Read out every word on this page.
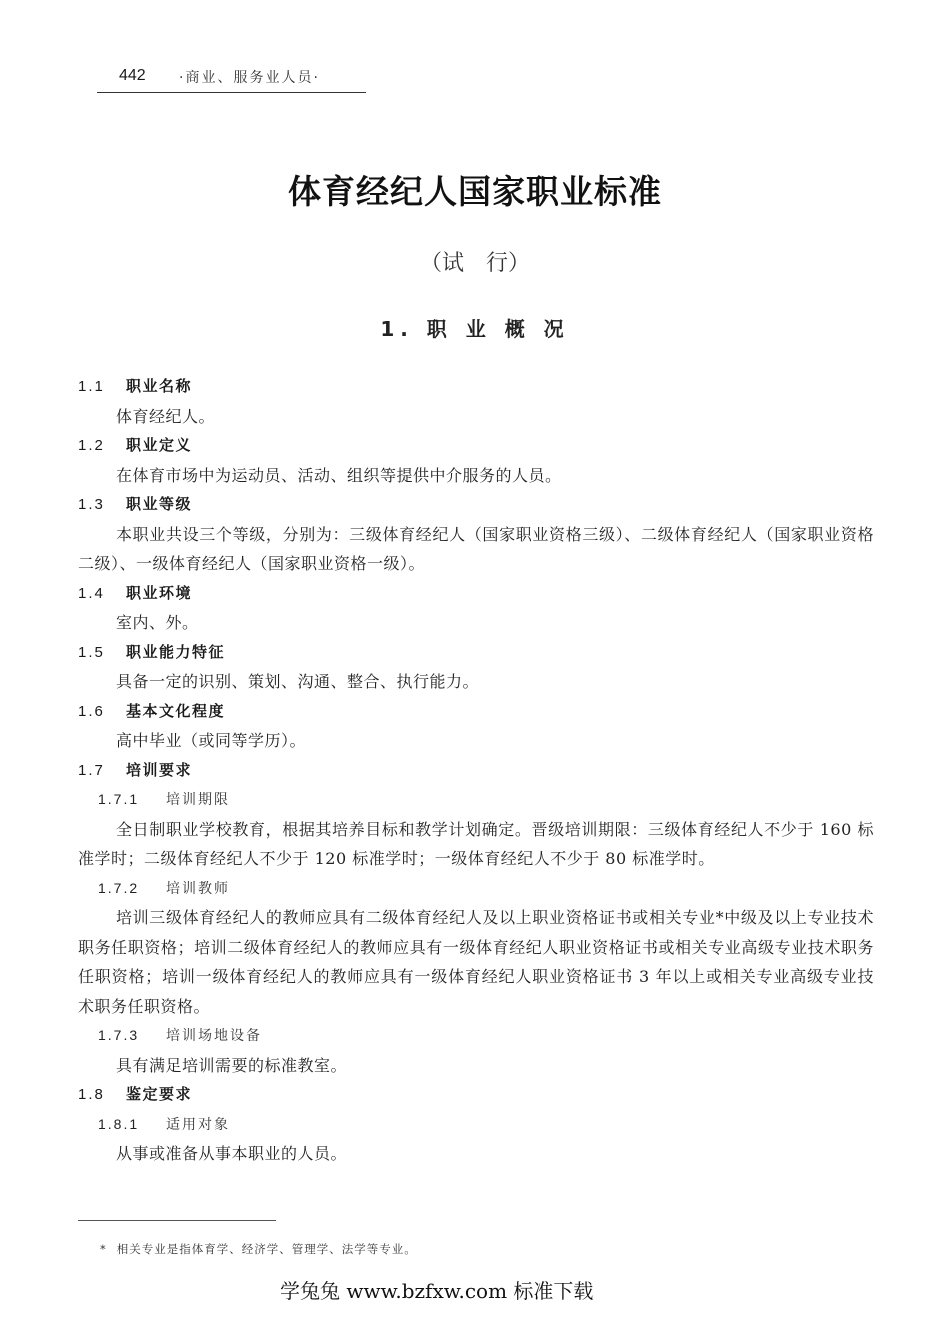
442 ·商业、服务业人员·
体育经纪人国家职业标准
（试　行）
1. 职 业 概 况
1.1 职业名称
体育经纪人。
1.2 职业定义
在体育市场中为运动员、活动、组织等提供中介服务的人员。
1.3 职业等级
本职业共设三个等级，分别为：三级体育经纪人（国家职业资格三级）、二级体育经纪人（国家职业资格二级）、一级体育经纪人（国家职业资格一级）。
1.4 职业环境
室内、外。
1.5 职业能力特征
具备一定的识别、策划、沟通、整合、执行能力。
1.6 基本文化程度
高中毕业（或同等学历）。
1.7 培训要求
1.7.1 培训期限
全日制职业学校教育，根据其培养目标和教学计划确定。晋级培训期限：三级体育经纪人不少于 160 标准学时；二级体育经纪人不少于 120 标准学时；一级体育经纪人不少于 80 标准学时。
1.7.2 培训教师
培训三级体育经纪人的教师应具有二级体育经纪人及以上职业资格证书或相关专业*中级及以上专业技术职务任职资格；培训二级体育经纪人的教师应具有一级体育经纪人职业资格证书或相关专业高级专业技术职务任职资格；培训一级体育经纪人的教师应具有一级体育经纪人职业资格证书 3 年以上或相关专业高级专业技术职务任职资格。
1.7.3 培训场地设备
具有满足培训需要的标准教室。
1.8 鉴定要求
1.8.1 适用对象
从事或准备从事本职业的人员。
* 相关专业是指体育学、经济学、管理学、法学等专业。
学兔兔 www.bzfxw.com 标准下载
